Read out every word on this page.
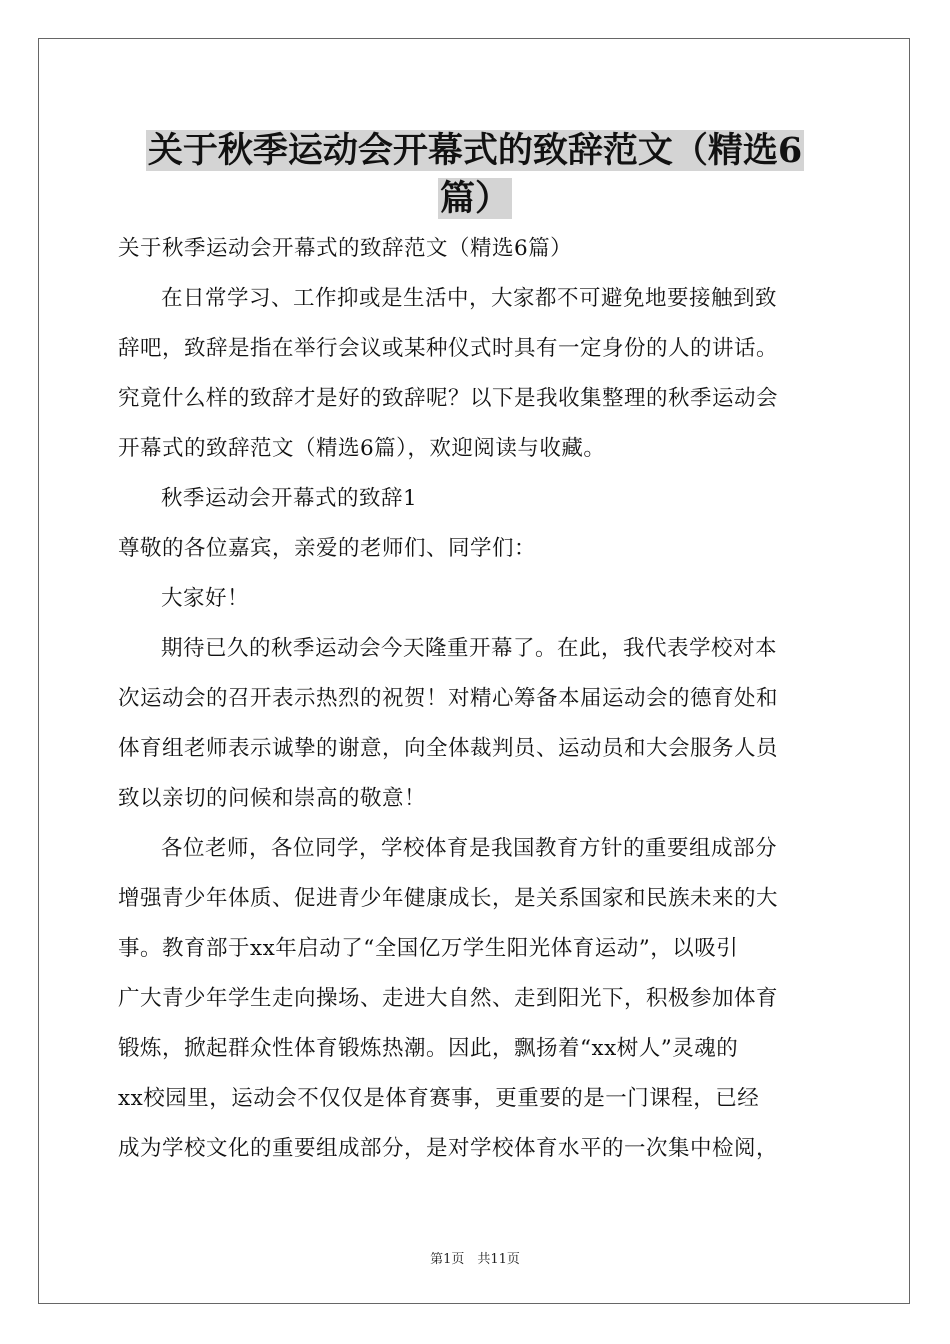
关于秋季运动会开幕式的致辞范文（精选6
篇）
关于秋季运动会开幕式的致辞范文（精选6篇）
在日常学习、工作抑或是生活中，大家都不可避免地要接触到致
辞吧，致辞是指在举行会议或某种仪式时具有一定身份的人的讲话。
究竟什么样的致辞才是好的致辞呢？以下是我收集整理的秋季运动会
开幕式的致辞范文（精选6篇），欢迎阅读与收藏。
秋季运动会开幕式的致辞1
尊敬的各位嘉宾，亲爱的老师们、同学们：
大家好！
期待已久的秋季运动会今天隆重开幕了。在此，我代表学校对本
次运动会的召开表示热烈的祝贺！对精心筹备本届运动会的德育处和
体育组老师表示诚挚的谢意，向全体裁判员、运动员和大会服务人员
致以亲切的问候和崇高的敬意！
各位老师，各位同学，学校体育是我国教育方针的重要组成部分
增强青少年体质、促进青少年健康成长，是关系国家和民族未来的大
事。教育部于xx年启动了“全国亿万学生阳光体育运动”，以吸引
广大青少年学生走向操场、走进大自然、走到阳光下，积极参加体育
锻炼，掀起群众性体育锻炼热潮。因此，飘扬着“xx树人”灵魂的
xx校园里，运动会不仅仅是体育赛事，更重要的是一门课程，已经
成为学校文化的重要组成部分，是对学校体育水平的一次集中检阅，
第1页　共11页
